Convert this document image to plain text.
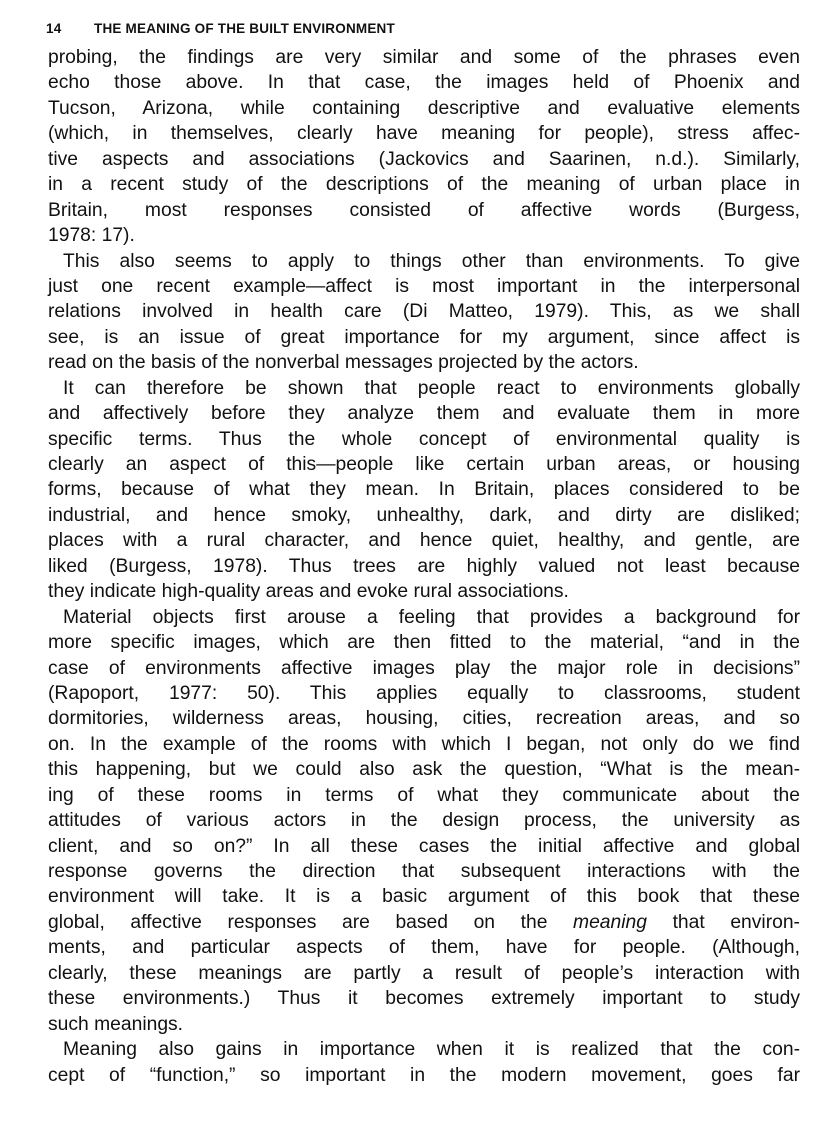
14 THE MEANING OF THE BUILT ENVIRONMENT
probing, the findings are very similar and some of the phrases even
echo those above. In that case, the images held of Phoenix and
Tucson, Arizona, while containing descriptive and evaluative elements
(which, in themselves, clearly have meaning for people), stress affec-
tive aspects and associations (Jackovics and Saarinen, n.d.). Similarly,
in a recent study of the descriptions of the meaning of urban place in
Britain, most responses consisted of affective words (Burgess,
1978: 17).
This also seems to apply to things other than environments. To give
just one recent example—affect is most important in the interpersonal
relations involved in health care (Di Matteo, 1979). This, as we shall
see, is an issue of great importance for my argument, since affect is
read on the basis of the nonverbal messages projected by the actors.
It can therefore be shown that people react to environments globally
and affectively before they analyze them and evaluate them in more
specific terms. Thus the whole concept of environmental quality is
clearly an aspect of this—people like certain urban areas, or housing
forms, because of what they mean. In Britain, places considered to be
industrial, and hence smoky, unhealthy, dark, and dirty are disliked;
places with a rural character, and hence quiet, healthy, and gentle, are
liked (Burgess, 1978). Thus trees are highly valued not least because
they indicate high-quality areas and evoke rural associations.
Material objects first arouse a feeling that provides a background for
more specific images, which are then fitted to the material, “and in the
case of environments affective images play the major role in decisions”
(Rapoport, 1977: 50). This applies equally to classrooms, student
dormitories, wilderness areas, housing, cities, recreation areas, and so
on. In the example of the rooms with which I began, not only do we find
this happening, but we could also ask the question, “What is the mean-
ing of these rooms in terms of what they communicate about the
attitudes of various actors in the design process, the university as
client, and so on?” In all these cases the initial affective and global
response governs the direction that subsequent interactions with the
environment will take. It is a basic argument of this book that these
global, affective responses are based on the meaning that environ-
ments, and particular aspects of them, have for people. (Although,
clearly, these meanings are partly a result of people’s interaction with
these environments.) Thus it becomes extremely important to study
such meanings.
Meaning also gains in importance when it is realized that the con-
cept of “function,” so important in the modern movement, goes far
